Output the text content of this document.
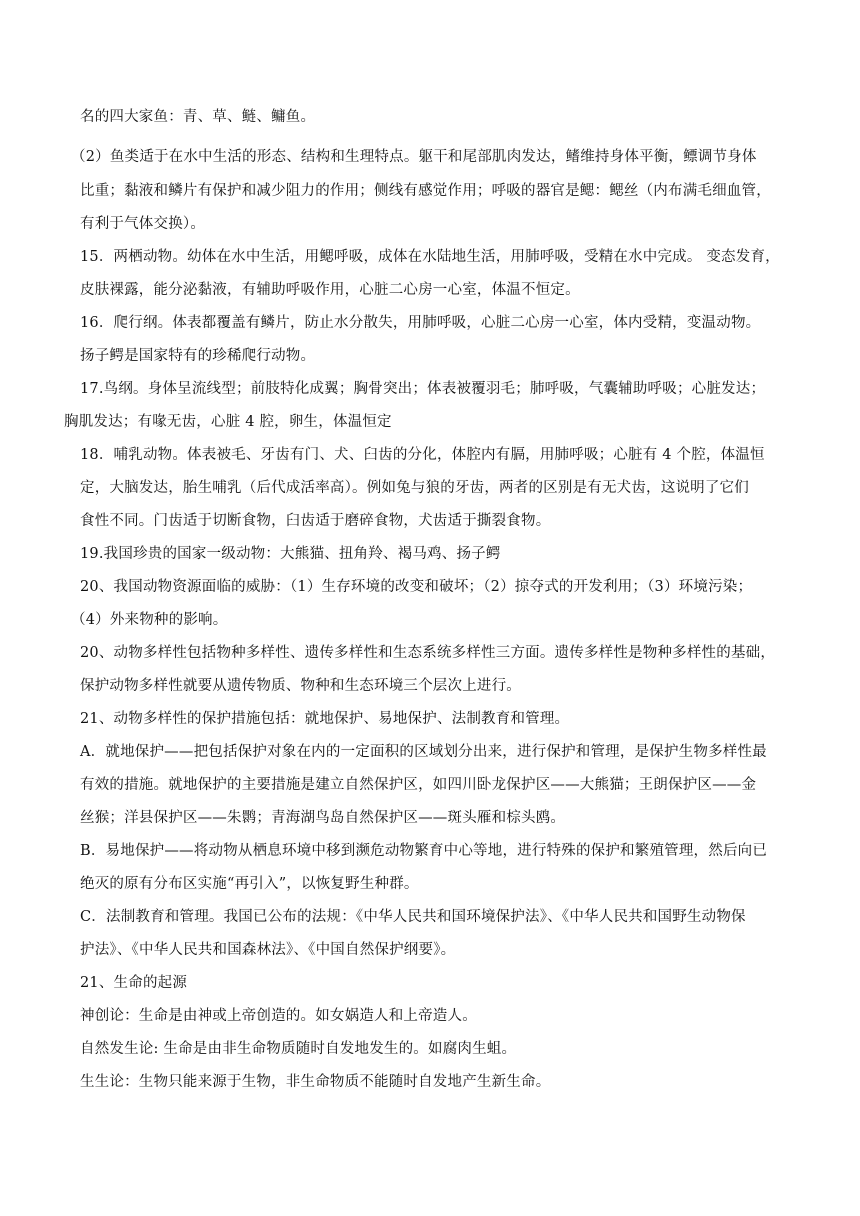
名的四大家鱼：青、草、鲢、鳙鱼。
（2）鱼类适于在水中生活的形态、结构和生理特点。躯干和尾部肌肉发达，鳍维持身体平衡，鳔调节身体
比重；黏液和鳞片有保护和减少阻力的作用；侧线有感觉作用；呼吸的器官是鳃：鳃丝（内布满毛细血管，
有利于气体交换）。
15．两栖动物。幼体在水中生活，用鳃呼吸，成体在水陆地生活，用肺呼吸，受精在水中完成。 变态发育，
皮肤裸露，能分泌黏液，有辅助呼吸作用，心脏二心房一心室，体温不恒定。
16．爬行纲。体表都覆盖有鳞片，防止水分散失，用肺呼吸，心脏二心房一心室，体内受精，变温动物。
扬子鳄是国家特有的珍稀爬行动物。
17.鸟纲。身体呈流线型；前肢特化成翼；胸骨突出；体表被覆羽毛；肺呼吸，气囊辅助呼吸；心脏发达；
胸肌发达；有喙无齿，心脏 4 腔，卵生，体温恒定
18．哺乳动物。体表被毛、牙齿有门、犬、臼齿的分化，体腔内有膈，用肺呼吸；心脏有 4 个腔，体温恒
定，大脑发达，胎生哺乳（后代成活率高）。例如兔与狼的牙齿，两者的区别是有无犬齿，这说明了它们
食性不同。门齿适于切断食物，臼齿适于磨碎食物，犬齿适于撕裂食物。
19.我国珍贵的国家一级动物：大熊猫、扭角羚、褐马鸡、扬子鳄
20、我国动物资源面临的威胁：（1）生存环境的改变和破坏；（2）掠夺式的开发利用；（3）环境污染；
（4）外来物种的影响。
20、动物多样性包括物种多样性、遗传多样性和生态系统多样性三方面。遗传多样性是物种多样性的基础，
保护动物多样性就要从遗传物质、物种和生态环境三个层次上进行。
21、动物多样性的保护措施包括：就地保护、易地保护、法制教育和管理。
A．就地保护——把包括保护对象在内的一定面积的区域划分出来，进行保护和管理，是保护生物多样性最
有效的措施。就地保护的主要措施是建立自然保护区，如四川卧龙保护区——大熊猫；王朗保护区——金
丝猴；洋县保护区——朱鹮；青海湖鸟岛自然保护区——斑头雁和棕头鸥。
B．易地保护——将动物从栖息环境中移到濒危动物繁育中心等地，进行特殊的保护和繁殖管理，然后向已
绝灭的原有分布区实施“再引入”，以恢复野生种群。
C．法制教育和管理。我国已公布的法规：《中华人民共和国环境保护法》、《中华人民共和国野生动物保
护法》、《中华人民共和国森林法》、《中国自然保护纲要》。
21、生命的起源
神创论：生命是由神或上帝创造的。如女娲造人和上帝造人。
自然发生论: 生命是由非生命物质随时自发地发生的。如腐肉生蛆。
生生论：生物只能来源于生物，非生命物质不能随时自发地产生新生命。
